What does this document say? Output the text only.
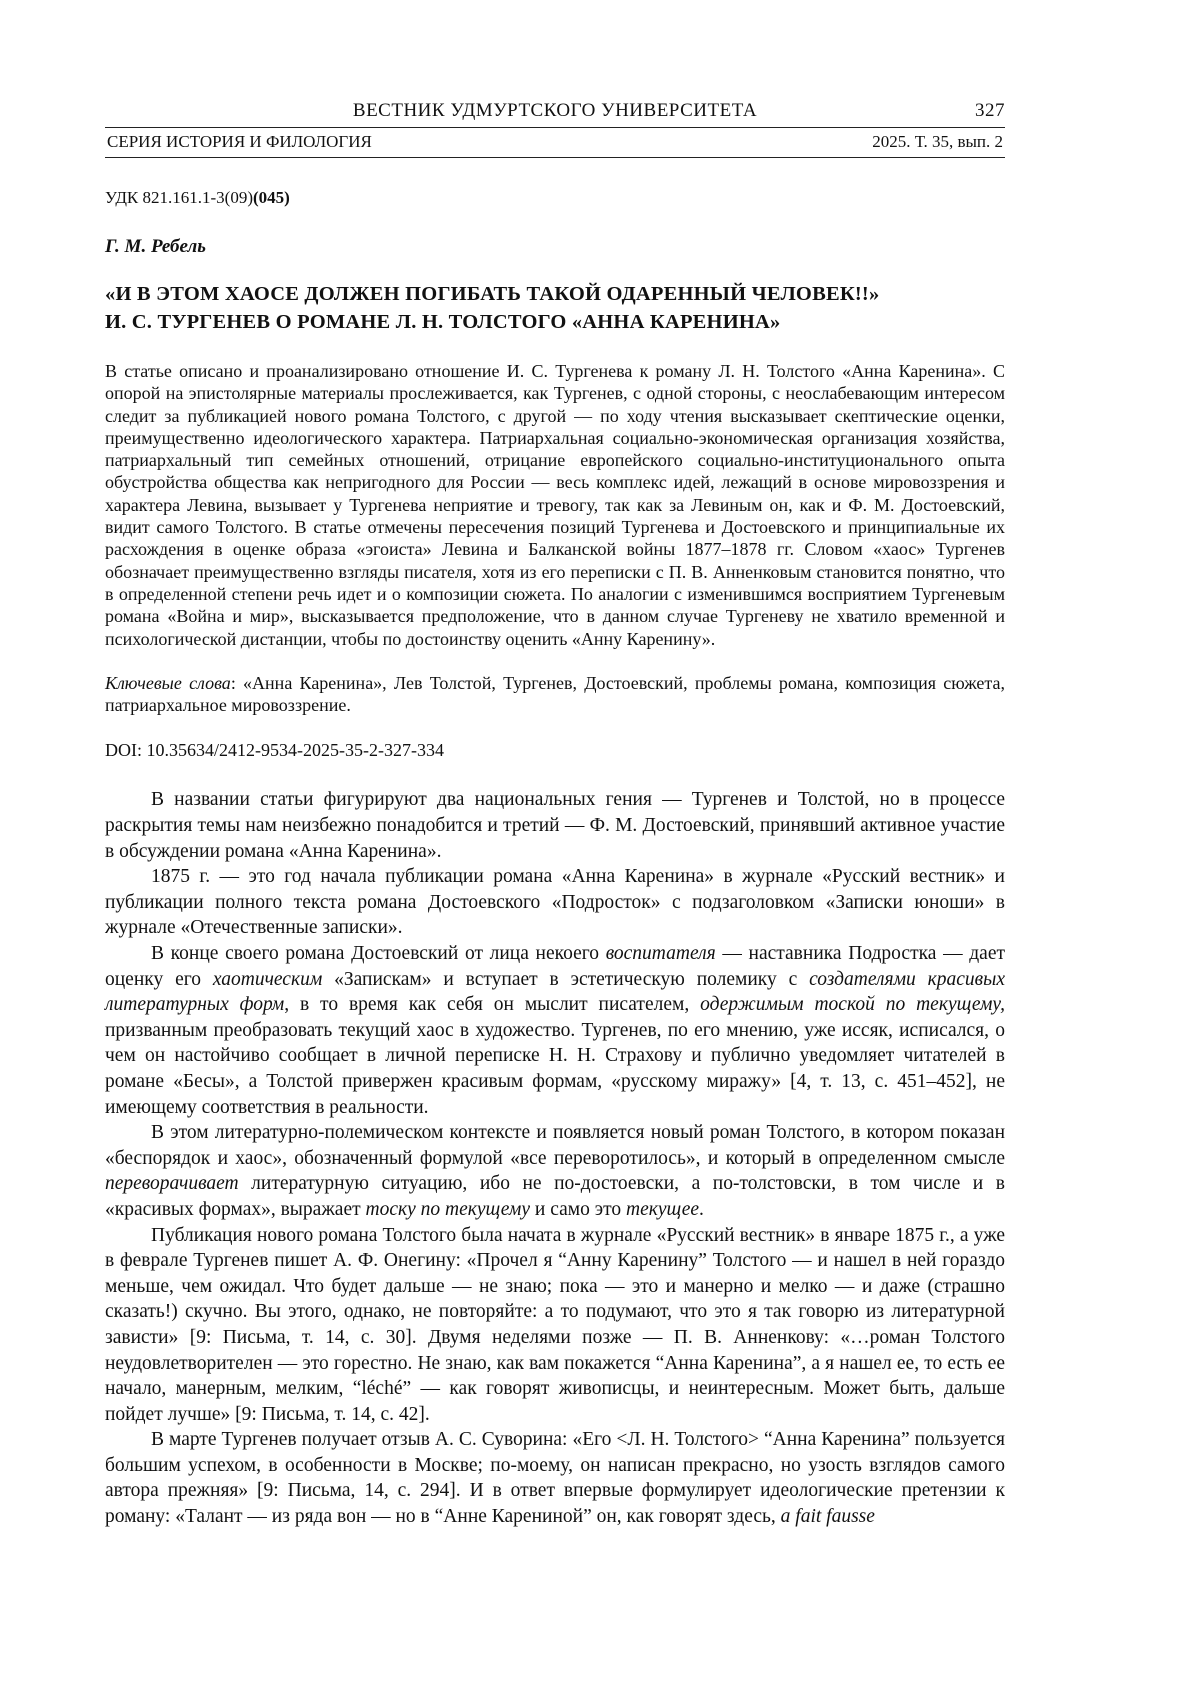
ВЕСТНИК УДМУРТСКОГО УНИВЕРСИТЕТА	327
СЕРИЯ ИСТОРИЯ И ФИЛОЛОГИЯ	2025. Т. 35, вып. 2
УДК 821.161.1-3(09)(045)

Г. М. Ребель

«И В ЭТОМ ХАОСЕ ДОЛЖЕН ПОГИБАТЬ ТАКОЙ ОДАРЕННЫЙ ЧЕЛОВЕК!!»
И. С. ТУРГЕНЕВ О РОМАНЕ Л. Н. ТОЛСТОГО «АННА КАРЕНИНА»

В статье описано и проанализировано отношение И. С. Тургенева к роману Л. Н. Толстого «Анна Каренина». С опорой на эпистолярные материалы прослеживается, как Тургенев, с одной стороны, с неослабевающим интересом следит за публикацией нового романа Толстого, с другой — по ходу чтения высказывает скептические оценки, преимущественно идеологического характера. Патриархальная социально-экономическая организация хозяйства, патриархальный тип семейных отношений, отрицание европейского социально-институционального опыта обустройства общества как непригодного для России — весь комплекс идей, лежащий в основе мировоззрения и характера Левина, вызывает у Тургенева неприятие и тревогу, так как за Левиным он, как и Ф. М. Достоевский, видит самого Толстого. В статье отмечены пересечения позиций Тургенева и Достоевского и принципиальные их расхождения в оценке образа «эгоиста» Левина и Балканской войны 1877–1878 гг. Словом «хаос» Тургенев обозначает преимущественно взгляды писателя, хотя из его переписки с П. В. Анненковым становится понятно, что в определенной степени речь идет и о композиции сюжета. По аналогии с изменившимся восприятием Тургеневым романа «Война и мир», высказывается предположение, что в данном случае Тургеневу не хватило временной и психологической дистанции, чтобы по достоинству оценить «Анну Каренину».

Ключевые слова: «Анна Каренина», Лев Толстой, Тургенев, Достоевский, проблемы романа, композиция сюжета, патриархальное мировоззрение.

DOI: 10.35634/2412-9534-2025-35-2-327-334

В названии статьи фигурируют два национальных гения — Тургенев и Толстой, но в процессе раскрытия темы нам неизбежно понадобится и третий — Ф. М. Достоевский, принявший активное участие в обсуждении романа «Анна Каренина».

1875 г. — это год начала публикации романа «Анна Каренина» в журнале «Русский вестник» и публикации полного текста романа Достоевского «Подросток» с подзаголовком «Записки юноши» в журнале «Отечественные записки».

В конце своего романа Достоевский от лица некоего воспитателя — наставника Подростка — дает оценку его хаотическим «Запискам» и вступает в эстетическую полемику с создателями красивых литературных форм, в то время как себя он мыслит писателем, одержимым тоской по текущему, призванным преобразовать текущий хаос в художество. Тургенев, по его мнению, уже иссяк, исписался, о чем он настойчиво сообщает в личной переписке Н. Н. Страхову и публично уведомляет читателей в романе «Бесы», а Толстой привержен красивым формам, «русскому миражу» [4, т. 13, с. 451–452], не имеющему соответствия в реальности.

В этом литературно-полемическом контексте и появляется новый роман Толстого, в котором показан «беспорядок и хаос», обозначенный формулой «все переворотилось», и который в определенном смысле переворачивает литературную ситуацию, ибо не по-достоевски, а по-толстовски, в том числе и в «красивых формах», выражает тоску по текущему и само это текущее.

Публикация нового романа Толстого была начата в журнале «Русский вестник» в январе 1875 г., а уже в феврале Тургенев пишет А. Ф. Онегину: «Прочел я “Анну Каренину” Толстого — и нашел в ней гораздо меньше, чем ожидал. Что будет дальше — не знаю; пока — это и манерно и мелко — и даже (страшно сказать!) скучно. Вы этого, однако, не повторяйте: а то подумают, что это я так говорю из литературной зависти» [9: Письма, т. 14, с. 30]. Двумя неделями позже — П. В. Анненкову: «…роман Толстого неудовлетворителен — это горестно. Не знаю, как вам покажется “Анна Каренина”, а я нашел ее, то есть ее начало, манерным, мелким, “léché” — как говорят живописцы, и неинтересным. Может быть, дальше пойдет лучше» [9: Письма, т. 14, с. 42].

В марте Тургенев получает отзыв А. С. Суворина: «Его <Л. Н. Толстого> “Анна Каренина” пользуется большим успехом, в особенности в Москве; по-моему, он написан прекрасно, но узость взглядов самого автора прежняя» [9: Письма, 14, с. 294]. И в ответ впервые формулирует идеологические претензии к роману: «Талант — из ряда вон — но в “Анне Карениной” он, как говорят здесь, a fait fausse
